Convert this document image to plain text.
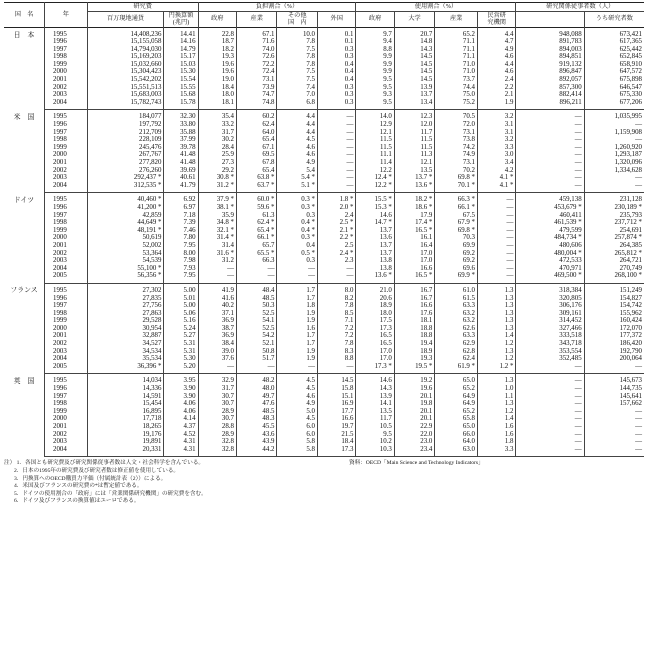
国　名	年	研究費		負担割合（%）				使用割合（%）				研究関係従事者数（人）	
		百万現地通貨	円換算額	政府	産業	その他	外国	政府	大学	産業	民営研		うち研究者数
			(兆円)			国　内					究機関		
日　本	1995	14,408,236	14.41	22.8	67.1	10.0	0.1	9.7	20.7	65.2	4.4	948,088	673,421
	1996	15,155,058	14.16	18.7	71.6	7.8	0.1	9.4	14.8	71.1	4.7	891,783	617,365
	1997	14,794,030	14.79	18.2	74.0	7.5	0.3	8.8	14.3	71.1	4.9	894,003	625,442
	1998	15,169,203	15.17	19.3	72.6	7.8	0.3	9.9	14.5	71.1	4.6	894,851	652,845
	1999	15,032,660	15.03	19.6	72.2	7.8	0.4	9.9	14.5	71.0	4.4	919,132	658,910
	2000	15,304,423	15.30	19.6	72.4	7.5	0.4	9.9	14.5	71.0	4.6	896,847	647,572
	2001	15,542,202	15.54	19.0	73.1	7.5	0.4	9.5	14.5	73.7	2.4	892,057	675,898
	2002	15,551,513	15.55	18.4	73.9	7.4	0.3	9.5	13.9	74.4	2.2	857,300	646,547
	2003	15,683,003	15.68	18.0	74.7	7.0	0.3	9.3	13.7	75.0	2.1	882,414	675,330
	2004	15,782,743	15.78	18.1	74.8	6.8	0.3	9.5	13.4	75.2	1.9	896,211	677,206
米　国	1995	184,077	32.30	35.4	60.2	4.4	—	14.0	12.3	70.5	3.2	—	1,035,995
	1996	197,792	33.80	33.2	62.4	4.4	—	12.9	12.0	72.0	3.1	—	—
	1997	212,709	35.88	31.7	64.0	4.4	—	12.1	11.7	73.1	3.1	—	1,159,908
	1998	228,109	37.99	30.2	65.4	4.5	—	11.5	11.5	73.8	3.2	—	—
	1999	245,476	39.78	28.4	67.1	4.6	—	11.5	11.5	74.2	3.3	—	1,260,920
	2000	267,767	41.48	25.9	69.5	4.6	—	11.1	11.3	74.9	3.0	—	1,293,187
	2001	277,820	41.48	27.3	67.8	4.9	—	11.4	12.1	73.1	3.4	—	1,320,096
	2002	276,260	39.69	29.2	65.4	5.4	—	12.2	13.5	70.2	4.2	—	1,334,628
	2003	292,437 *	40.61	30.8 *	63.8 *	5.4 *	—	12.4 *	13.7 *	69.8 *	4.1 *	—	—
	2004	312,535 *	41.79	31.2 *	63.7 *	5.1 *	—	12.2 *	13.6 *	70.1 *	4.1 *	—	—
ドイツ	1995	40,460 *	6.92	37.9 *	60.0 *	0.3 *	1.8 *	15.5 *	18.2 *	66.3 *	—	459,138	231,128
	1996	41,200 *	6.97	38.1 *	59.6 *	0.3 *	2.0 *	15.3 *	18.6 *	66.1 *	—	453,679 *	230,189 *
	1997	42,859	7.18	35.9	61.3	0.3	2.4	14.6	17.9	67.5	—	460,411	235,793
	1998	44,649 *	7.39	34.8 *	62.4 *	0.4 *	2.5 *	14.7 *	17.4 *	67.9 *	—	461,539 *	237,712 *
	1999	48,191 *	7.46	32.1 *	65.4 *	0.4 *	2.1 *	13.7	16.5 *	69.8 *	—	479,599	254,691
	2000	50,619	7.80	31.4 *	66.1 *	0.3 *	2.2 *	13.6	16.1	70.3	—	484,734 *	257,874 *
	2001	52,002	7.95	31.4	65.7	0.4	2.5	13.7	16.4	69.9	—	480,606	264,385
	2002	53,364	8.00	31.6 *	65.5 *	0.5 *	2.4 *	13.7	17.0	69.2	—	480,004 *	265,812 *
	2003	54,539	7.98	31.2	66.3	0.3	2.3	13.8	17.0	69.2	—	472,533	264,721
	2004	55,100 *	7.93	—	—	—	—	13.8	16.6	69.6	—	470,971	270,749
	2005	56,356 *	7.95	—	—	—	—	13.6 *	16.5 *	69.9 *	—	469,500 *	268,100 *
フランス	1995	27,302	5.00	41.9	48.4	1.7	8.0	21.0	16.7	61.0	1.3	318,384	151,249
	1996	27,835	5.01	41.6	48.5	1.7	8.2	20.6	16.7	61.5	1.3	320,805	154,827
	1997	27,756	5.00	40.2	50.3	1.8	7.8	18.9	16.6	63.3	1.3	306,176	154,742
	1998	27,863	5.06	37.1	52.5	1.9	8.5	18.0	17.6	63.2	1.3	309,161	155,962
	1999	29,528	5.16	36.9	54.1	1.9	7.1	17.5	18.1	63.2	1.3	314,452	160,424
	2000	30,954	5.24	38.7	52.5	1.6	7.2	17.3	18.8	62.6	1.3	327,466	172,070
	2001	32,887	5.27	36.9	54.2	1.7	7.2	16.5	18.8	63.3	1.4	333,518	177,372
	2002	34,527	5.31	38.4	52.1	1.7	7.8	16.5	19.4	62.9	1.2	343,718	186,420
	2003	34,534	5.31	39.0	50.8	1.9	8.3	17.0	18.9	62.8	1.3	353,554	192,790
	2004	35,534	5.30	37.6	51.7	1.9	8.8	17.0	19.3	62.4	1.2	352,485	200,064
	2005	36,396 *	5.20	—	—	—	—	17.3 *	19.5 *	61.9 *	1.2 *	—	—
英　国	1995	14,034	3.95	32.9	48.2	4.5	14.5	14.6	19.2	65.0	1.3	—	145,673
	1996	14,336	3.90	31.7	48.0	4.5	15.8	14.3	19.6	65.2	1.0	—	144,735
	1997	14,591	3.90	30.7	49.7	4.6	15.1	13.9	20.1	64.9	1.1	—	145,641
	1998	15,454	4.06	30.7	47.6	4.9	16.9	14.1	19.8	64.9	1.3	—	157,662
	1999	16,895	4.06	28.9	48.5	5.0	17.7	13.5	20.1	65.2	1.2	—	—
	2000	17,718	4.14	30.7	48.3	4.5	16.6	11.7	20.1	65.8	1.4	—	—
	2001	18,265	4.37	28.8	45.5	6.0	19.7	10.5	22.9	65.0	1.6	—	—
	2002	19,176	4.52	28.9	43.6	6.0	21.5	9.5	22.0	66.0	1.6	—	—
	2003	19,891	4.31	32.8	43.9	5.8	18.4	10.2	23.0	64.0	1.8	—	—
	2004	20,331	4.31	32.8	44.2	5.8	17.3	10.3	23.4	63.0	3.3	—	—
注） 1．各国とも研究費及び研究関係従事者数は人文・社会科学を含んでいる。
2．日本の1995年の研究費及び研究者数は修正値を使用している。
3．円換算へのOECD購買力平価（付属統計表（2））による。
4．米国及びフランスの研究費の*は暫定値である。
5．ドイツの使用割合の「政府」には「営業関係研究機関」の研究費を含む。
6．ドイツ及びフランスの換算値はユーロである。
資料：OECD「Main Science and Technology Indicators」
